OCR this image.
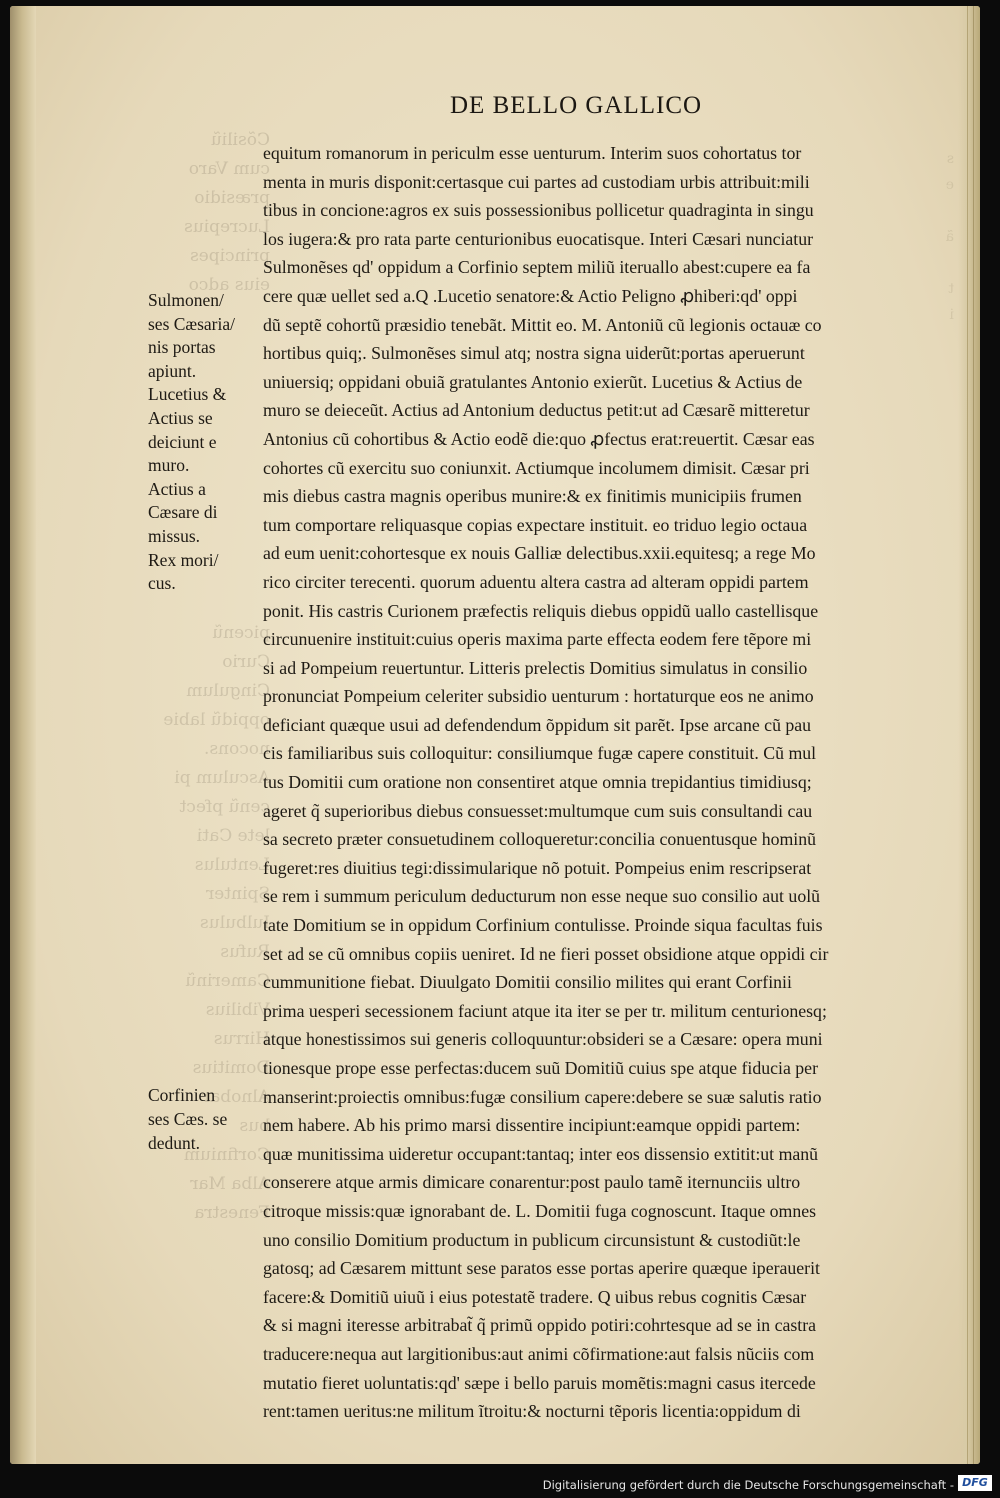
Cõsiliũ
cum Varo
præsidio
Lucrepius
principes
eius adco

picenũ
Curio
Cingulum
oppidũ labie
nocons.
Asculum pi
cenũ pfect
lete Cati
Lentulus
Spinter
Iulbulus
Rufus
Camerinũ
Vibilius
Hirrus
Domitius
Alnobar
bus
Corfinium
Alba Mar
Fenestra
s
e

ã

t
i
DE BELLO GALLICO
Sulmonen/
ses Cæsaria/
nis portas
apiunt.
Lucetius &
Actius se
deiciunt e
muro.
Actius a
Cæsare di
missus.
Rex mori/
cus.
Corfinien
ses Cæs. se
dedunt.
equitum romanorum in periculm esse uenturum. Interim suos cohortatus tor
menta in muris disponit:certasque cui partes ad custodiam urbis attribuit:mili
tibus in concione:agros ex suis possessionibus pollicetur quadraginta in singu
los iugera:& pro rata parte centurionibus euocatisque. Interi Cæsari nunciatur
Sulmonẽses qd' oppidum a Corfinio septem miliũ iteruallo abest:cupere ea fa
cere quæ uellet sed a.Q .Lucetio senatore:& Actio Peligno ꝓhiberi:qd' oppi
dũ septẽ cohortũ præsidio tenebãt. Mittit eo. M. Antoniũ cũ legionis octauæ co
hortibus quiq;. Sulmonẽses simul atq; nostra signa uiderũt:portas aperuerunt
uniuersiq; oppidani obuiã gratulantes Antonio exierũt. Lucetius & Actius de
muro se deieceũt. Actius ad Antonium deductus petit:ut ad Cæsarẽ mitteretur
Antonius cũ cohortibus & Actio eodẽ die:quo ꝓfectus erat:reuertit. Cæsar eas
cohortes cũ exercitu suo coniunxit. Actiumque incolumem dimisit. Cæsar pri
mis diebus castra magnis operibus munire:& ex finitimis municipiis frumen
tum comportare reliquasque copias expectare instituit. eo triduo legio octaua
ad eum uenit:cohortesque ex nouis Galliæ delectibus.xxii.equitesq; a rege Mo
rico circiter terecenti. quorum aduentu altera castra ad alteram oppidi partem
ponit. His castris Curionem præfectis reliquis diebus oppidũ uallo castellisque
circunuenire instituit:cuius operis maxima parte effecta eodem fere tẽpore mi
si ad Pompeium reuertuntur. Litteris prelectis Domitius simulatus in consilio
pronunciat Pompeium celeriter subsidio uenturum : hortaturque eos ne animo
deficiant quæque usui ad defendendum õppidum sit parẽt. Ipse arcane cũ pau
cis familiaribus suis colloquitur: consiliumque fugæ capere constituit. Cũ mul
tus Domitii cum oratione non consentiret atque omnia trepidantius timidiusq;
ageret q̃ superioribus diebus consuesset:multumque cum suis consultandi cau
sa secreto præter consuetudinem colloqueretur:concilia conuentusque hominũ
fugeret:res diuitius tegi:dissimularique nõ potuit. Pompeius enim rescripserat
se rem i summum periculum deducturum non esse neque suo consilio aut uolũ
tate Domitium se in oppidum Corfinium contulisse. Proinde siqua facultas fuis
set ad se cũ omnibus copiis ueniret. Id ne fieri posset obsidione atque oppidi cir
cummunitione fiebat. Diuulgato Domitii consilio milites qui erant Corfinii
prima uesperi secessionem faciunt atque ita iter se per tr. militum centurionesq;
atque honestissimos sui generis colloquuntur:obsideri se a Cæsare: opera muni
tionesque prope esse perfectas:ducem suũ Domitiũ cuius spe atque fiducia per
manserint:proiectis omnibus:fugæ consilium capere:debere se suæ salutis ratio
nem habere. Ab his primo marsi dissentire incipiunt:eamque oppidi partem:
quæ munitissima uideretur occupant:tantaq; inter eos dissensio extitit:ut manũ
conserere atque armis dimicare conarentur:post paulo tamẽ iternunciis ultro
citroque missis:quæ ignorabant de. L. Domitii fuga cognoscunt. Itaque omnes
uno consilio Domitium productum in publicum circunsistunt & custodiũt:le
gatosq; ad Cæsarem mittunt sese paratos esse portas aperire quæque iperauerit
facere:& Domitiũ uiuũ i eius potestatẽ tradere. Q uibus rebus cognitis Cæsar
& si magni iteresse arbitrabat̃ q̃ primũ oppido potiri:cohrtesque ad se in castra
traducere:nequa aut largitionibus:aut animi cõfirmatione:aut falsis nũciis com
mutatio fieret uoluntatis:qd' sæpe i bello paruis momẽtis:magni casus itercede
rent:tamen ueritus:ne militum ĩtroitu:& nocturni tẽporis licentia:oppidum di
Digitalisierung gefördert durch die Deutsche Forschungsgemeinschaft - DFG
